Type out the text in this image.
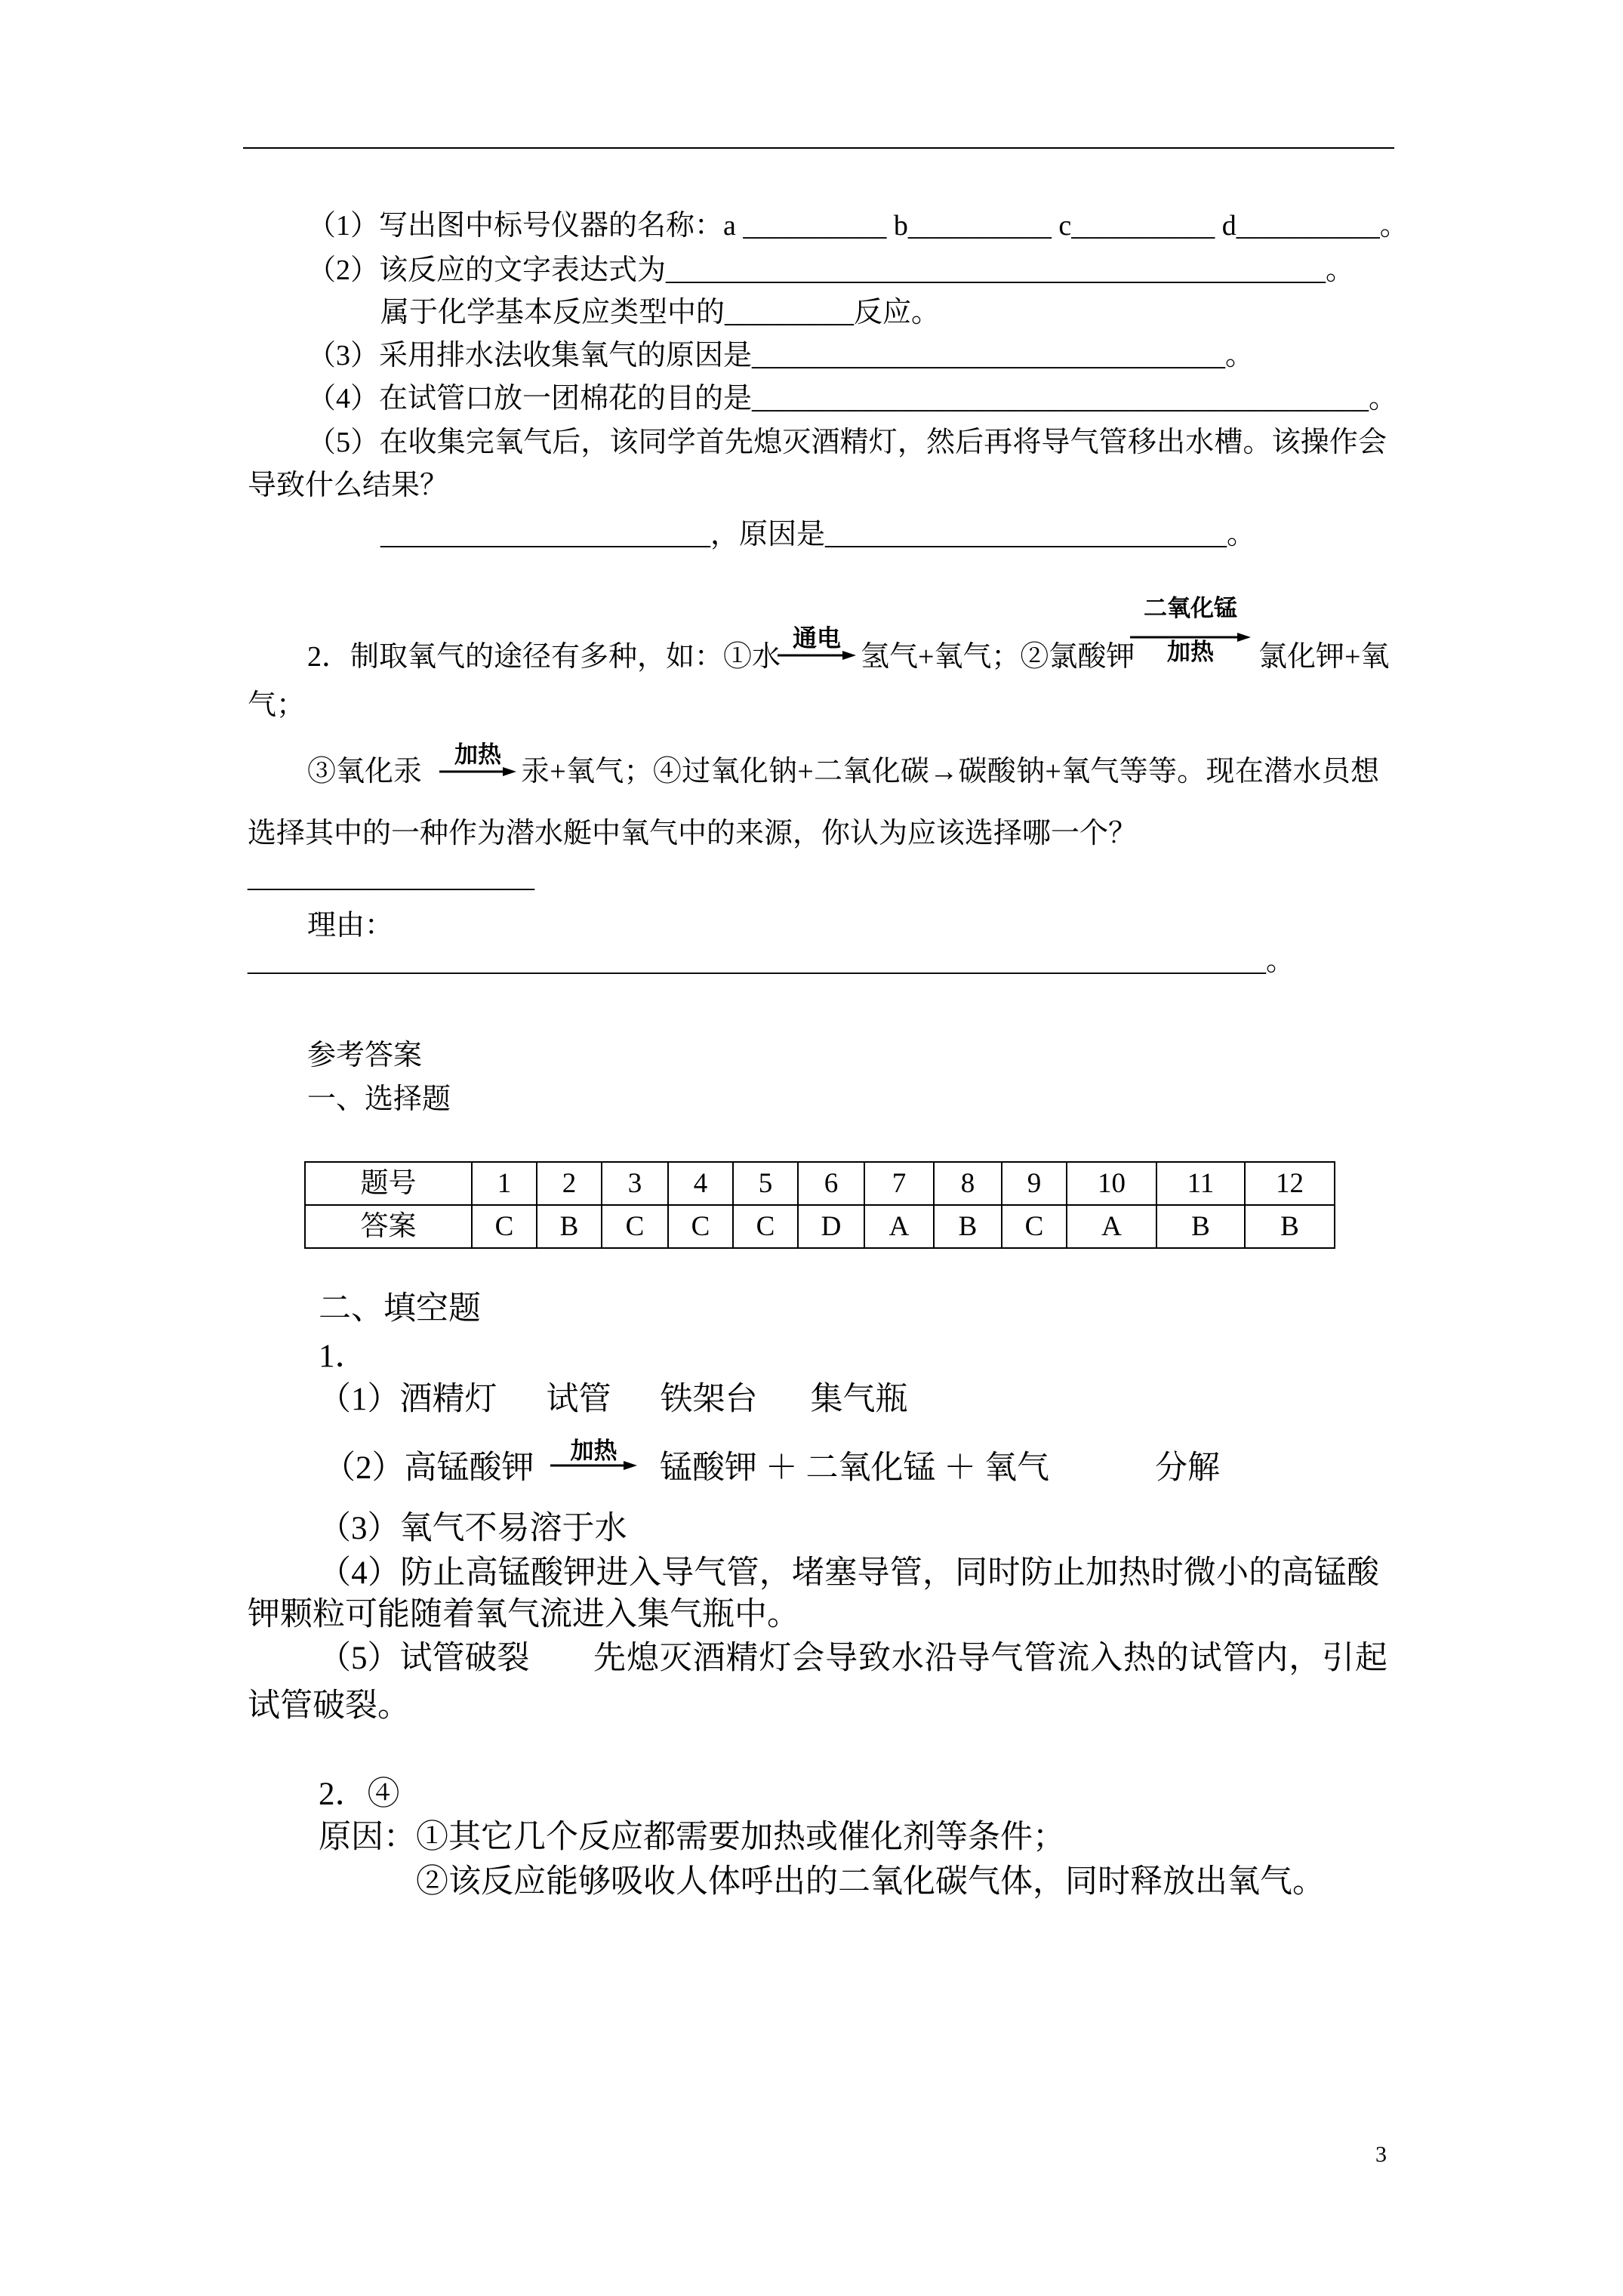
（1）写出图中标号仪器的名称：a __________ b__________ c__________ d__________。
（2）该反应的文字表达式为______________________________________________。
属于化学基本反应类型中的_________反应。
（3）采用排水法收集氧气的原因是_________________________________。
（4）在试管口放一团棉花的目的是___________________________________________。
（5）在收集完氧气后，该同学首先熄灭酒精灯，然后再将导气管移出水槽。该操作会
导致什么结果？
_______________________，原因是____________________________。
2．制取氧气的途径有多种，如：①水
通电
氢气+氧气；②氯酸钾
二氧化锰
加热	氯化钾+氧
气；
③氧化汞
加热
汞+氧气；④过氧化钠+二氧化碳→碳酸钠+氧气等等。现在潜水员想
选择其中的一种作为潜水艇中氧气中的来源，你认为应该选择哪一个？
____________________
理由：
_______________________________________________________________________。
参考答案
一、选择题
题号	1	2	3	4	5	6	7	8	9	10	11	12
答案	C	B	C	C	C	D	A	B	C	A	B	B
二、填空题
1．
（1）酒精灯 试管 铁架台 集气瓶
（2）高锰酸钾	加热	锰酸钾 ＋ 二氧化锰 ＋ 氧气	分解
（3）氧气不易溶于水
（4）防止高锰酸钾进入导气管，堵塞导管，同时防止加热时微小的高锰酸
钾颗粒可能随着氧气流进入集气瓶中。
（5）试管破裂 先熄灭酒精灯会导致水沿导气管流入热的试管内，引起
试管破裂。
2．④
原因：①其它几个反应都需要加热或催化剂等条件；
②该反应能够吸收人体呼出的二氧化碳气体，同时释放出氧气。
3
